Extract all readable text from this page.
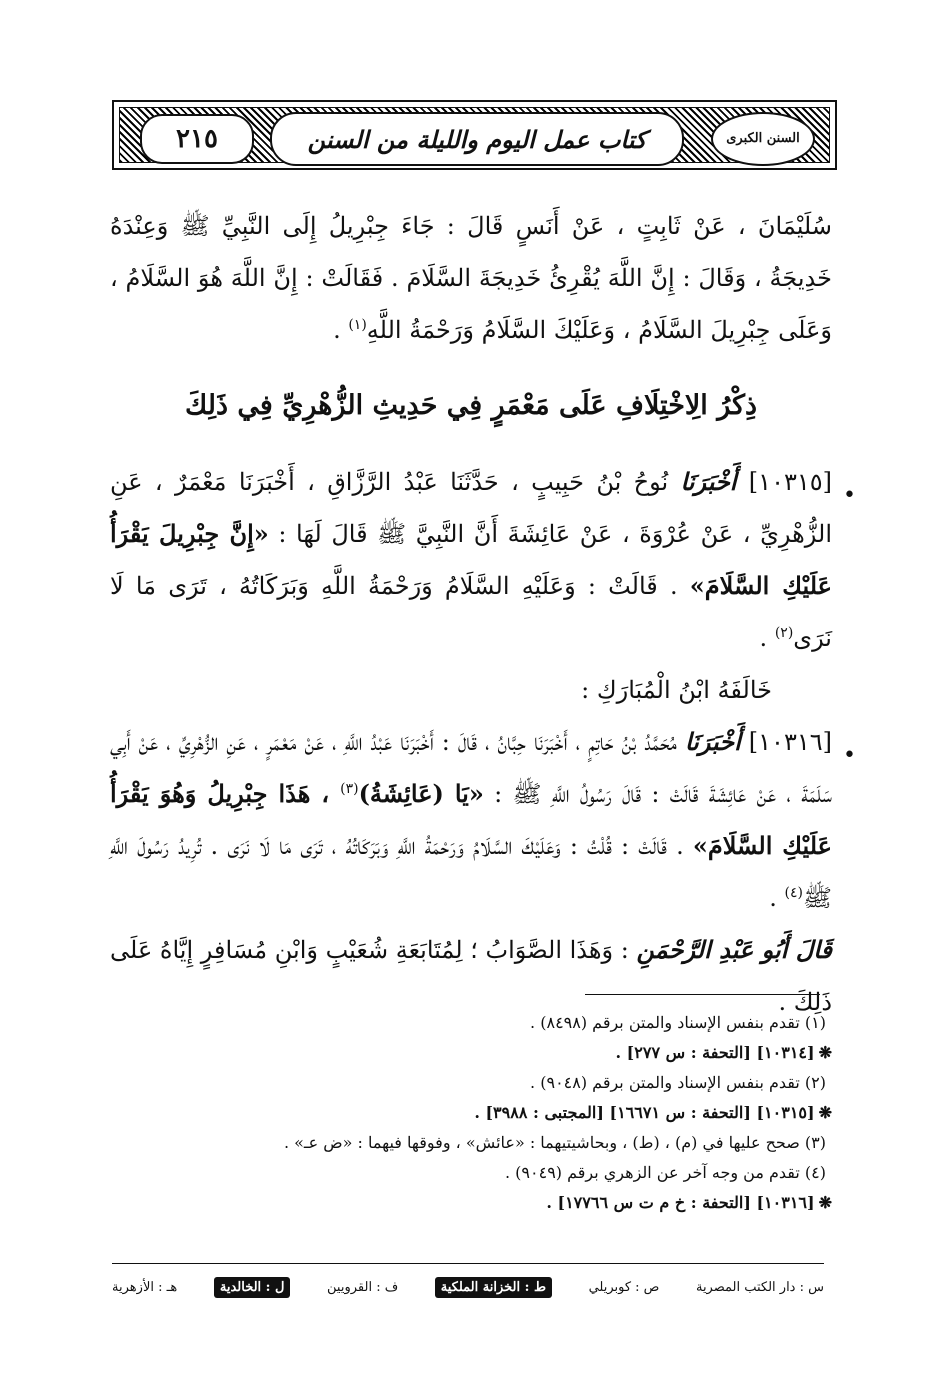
٢١٥	كتاب عمل اليوم والليلة من السنن	السنن الكبرى

سُلَيْمَانَ ، عَنْ ثَابِتٍ ، عَنْ أَنَسٍ قَالَ : جَاءَ جِبْرِيلُ إِلَى النَّبِيِّ ﷺ وَعِنْدَهُ خَدِيجَةُ ، وَقَالَ : إِنَّ اللَّهَ يُقْرِئُ خَدِيجَةَ السَّلَامَ . فَقَالَتْ : إِنَّ اللَّهَ هُوَ السَّلَامُ ، وَعَلَى جِبْرِيلَ السَّلَامُ ، وَعَلَيْكَ السَّلَامُ وَرَحْمَةُ اللَّهِ$^{(١)}$ .

ذِكْرُ الِاخْتِلَافِ عَلَى مَعْمَرٍ فِي حَدِيثِ الزُّهْرِيِّ فِي ذَلِكَ
•

[١٠٣١٥] أَخْبَرَنَا نُوحُ بْنُ حَبِيبٍ ، حَدَّثَنَا عَبْدُ الرَّزَّاقِ ، أَخْبَرَنَا مَعْمَرٌ ، عَنِ الزُّهْرِيِّ ، عَنْ عُرْوَةَ ، عَنْ عَائِشَةَ أَنَّ النَّبِيَّ ﷺ قَالَ لَهَا : «إِنَّ جِبْرِيلَ يَقْرَأُ عَلَيْكِ السَّلَامَ» . قَالَتْ : وَعَلَيْهِ السَّلَامُ وَرَحْمَةُ اللَّهِ وَبَرَكَاتُهُ ، تَرَى مَا لَا نَرَى$^{(٢)}$ .

خَالَفَهُ ابْنُ الْمُبَارَكِ :

•

[١٠٣١٦] أَخْبَرَنَا مُحَمَّدُ بْنُ حَاتِمٍ ، أَخْبَرَنَا حِبَّانُ ، قَالَ : أَخْبَرَنَا عَبْدُ اللَّهِ ، عَنْ مَعْمَرٍ ، عَنِ الزُّهْرِيِّ ، عَنْ أَبِي سَلَمَةَ ، عَنْ عَائِشَةَ قَالَتْ : قَالَ رَسُولُ اللَّهِ ﷺ : «يَا (عَائِشَةُ)$^{(٣)}$ ، هَذَا جِبْرِيلُ وَهُوَ يَقْرَأُ عَلَيْكِ السَّلَامَ» . قَالَتْ : قُلْتُ : وَعَلَيْكَ السَّلَامُ وَرَحْمَةُ اللَّهِ وَبَرَكَاتُهُ ، تَرَى مَا لَا نَرَى . تُرِيدُ رَسُولَ اللَّهِ ﷺ$^{(٤)}$ .

قَالَ أَبُو عَبْدِ الرَّحْمَنِ : وَهَذَا الصَّوَابُ ؛ لِمُتَابَعَةِ شُعَيْبٍ وَابْنِ مُسَافِرٍ إِيَّاهُ عَلَى ذَلِكَ .

(١) تقدم بنفس الإسناد والمتن برقم (٨٤٩٨) .

❋[١٠٣١٤] [التحفة : س ٢٧٧] .

(٢) تقدم بنفس الإسناد والمتن برقم (٩٠٤٨) .

❋[١٠٣١٥] [التحفة : س ١٦٦٧١] [المجتبى : ٣٩٨٨] .

(٣) صحح عليها في (م) ، (ط) ، وبحاشيتيهما : «عائش» ، وفوقها فيهما : «ض عـ» .

(٤) تقدم من وجه آخر عن الزهري برقم (٩٠٤٩) .

❋[١٠٣١٦] [التحفة : خ م ت س ١٧٧٦٦] .

س : دار الكتب المصرية
ص : كوبريلي
ط : الخزانة الملكية
ف : القرويين
ل : الخالدية
هـ : الأزهرية
